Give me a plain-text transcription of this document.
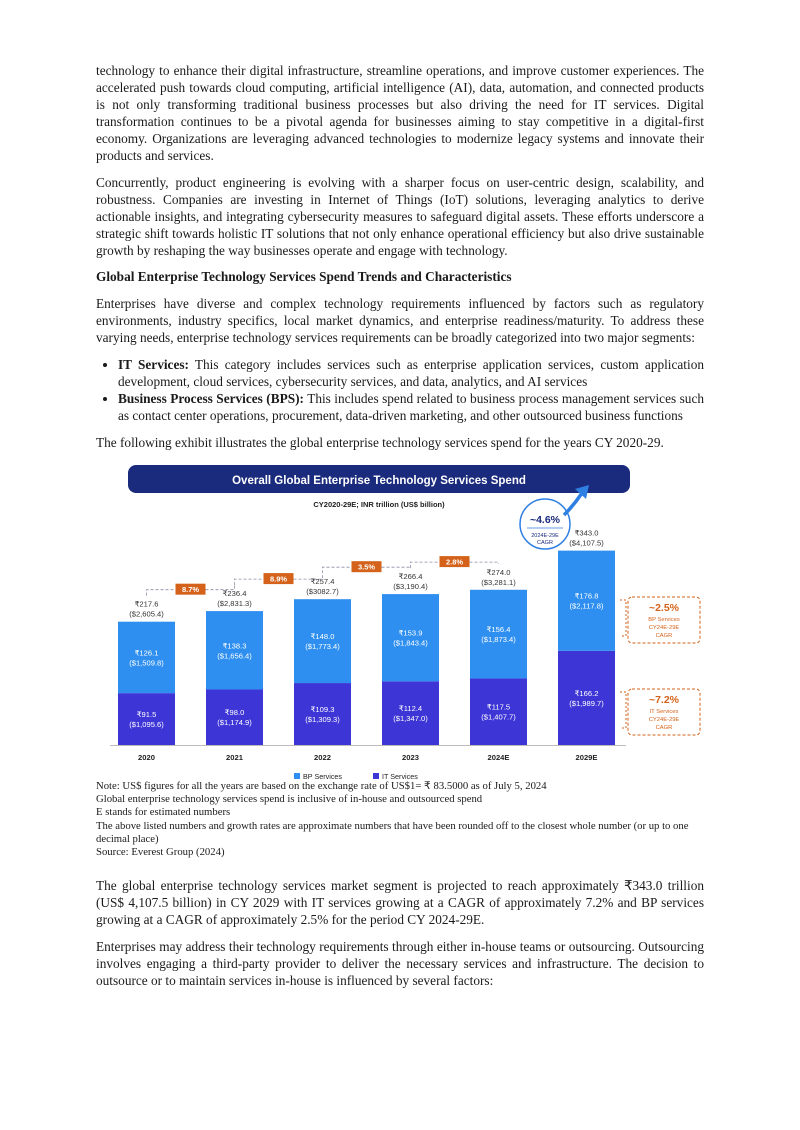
technology to enhance their digital infrastructure, streamline operations, and improve customer experiences. The accelerated push towards cloud computing, artificial intelligence (AI), data, automation, and connected products is not only transforming traditional business processes but also driving the need for IT services. Digital transformation continues to be a pivotal agenda for businesses aiming to stay competitive in a digital-first economy. Organizations are leveraging advanced technologies to modernize legacy systems and innovate their products and services.

Concurrently, product engineering is evolving with a sharper focus on user-centric design, scalability, and robustness. Companies are investing in Internet of Things (IoT) solutions, leveraging analytics to derive actionable insights, and integrating cybersecurity measures to safeguard digital assets. These efforts underscore a strategic shift towards holistic IT solutions that not only enhance operational efficiency but also drive sustainable growth by reshaping the way businesses operate and engage with technology.

Global Enterprise Technology Services Spend Trends and Characteristics

Enterprises have diverse and complex technology requirements influenced by factors such as regulatory environments, industry specifics, local market dynamics, and enterprise readiness/maturity. To address these varying needs, enterprise technology services requirements can be broadly categorized into two major segments:

• IT Services: This category includes services such as enterprise application services, custom application development, cloud services, cybersecurity services, and data, analytics, and AI services
• Business Process Services (BPS): This includes spend related to business process management services such as contact center operations, procurement, data-driven marketing, and other outsourced business functions

The following exhibit illustrates the global enterprise technology services spend for the years CY 2020-29.

Overall Global Enterprise Technology Services Spend
CY2020-29E; INR trillion (US$ billion)
₹91.5
($1,095.6)
₹126.1
($1,509.8)
₹217.6
($2,605.4)
2020
₹98.0
($1,174.9)
₹138.3
($1,656.4)
₹236.4
($2,831.3)
2021
₹109.3
($1,309.3)
₹148.0
($1,773.4)
₹257.4
($3082.7)
2022
₹112.4
($1,347.0)
₹153.9
($1,843.4)
₹266.4
($3,190.4)
2023
₹117.5
($1,407.7)
₹156.4
($1,873.4)
₹274.0
($3,281.1)
2024E
₹166.2
($1,989.7)
₹176.8
($2,117.8)
₹343.0
($4,107.5)
2029E
8.7%
8.9%
3.5%
2.8%
~4.6%
2024E-29E
CAGR
~2.5%
BP Services
CY24E-29E
CAGR
~7.2%
IT Services
CY24E-29E
CAGR
BP Services	IT Services
Note: US$ figures for all the years are based on the exchange rate of US$1= ₹ 83.5000 as of July 5, 2024
Global enterprise technology services spend is inclusive of in-house and outsourced spend
E stands for estimated numbers
The above listed numbers and growth rates are approximate numbers that have been rounded off to the closest whole number (or up to one decimal place)
Source: Everest Group (2024)

The global enterprise technology services market segment is projected to reach approximately ₹343.0 trillion (US$ 4,107.5 billion) in CY 2029 with IT services growing at a CAGR of approximately 7.2% and BP services growing at a CAGR of approximately 2.5% for the period CY 2024-29E.

Enterprises may address their technology requirements through either in-house teams or outsourcing. Outsourcing involves engaging a third-party provider to deliver the necessary services and infrastructure. The decision to outsource or to maintain services in-house is influenced by several factors:
